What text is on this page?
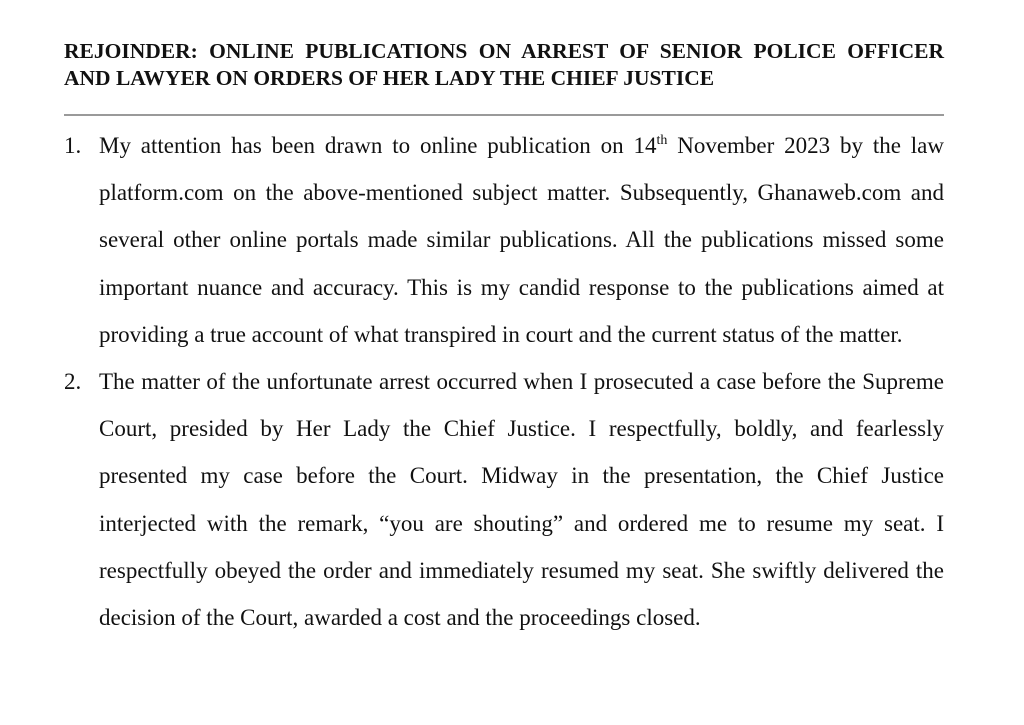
REJOINDER: ONLINE PUBLICATIONS ON ARREST OF SENIOR POLICE OFFICER AND LAWYER ON ORDERS OF HER LADY THE CHIEF JUSTICE

1. My attention has been drawn to online publication on 14th November 2023 by the law platform.com on the above-mentioned subject matter. Subsequently, Ghanaweb.com and several other online portals made similar publications. All the publications missed some important nuance and accuracy. This is my candid response to the publications aimed at providing a true account of what transpired in court and the current status of the matter.
2. The matter of the unfortunate arrest occurred when I prosecuted a case before the Supreme Court, presided by Her Lady the Chief Justice. I respectfully, boldly, and fearlessly presented my case before the Court. Midway in the presentation, the Chief Justice interjected with the remark, “you are shouting” and ordered me to resume my seat. I respectfully obeyed the order and immediately resumed my seat. She swiftly delivered the decision of the Court, awarded a cost and the proceedings closed.
